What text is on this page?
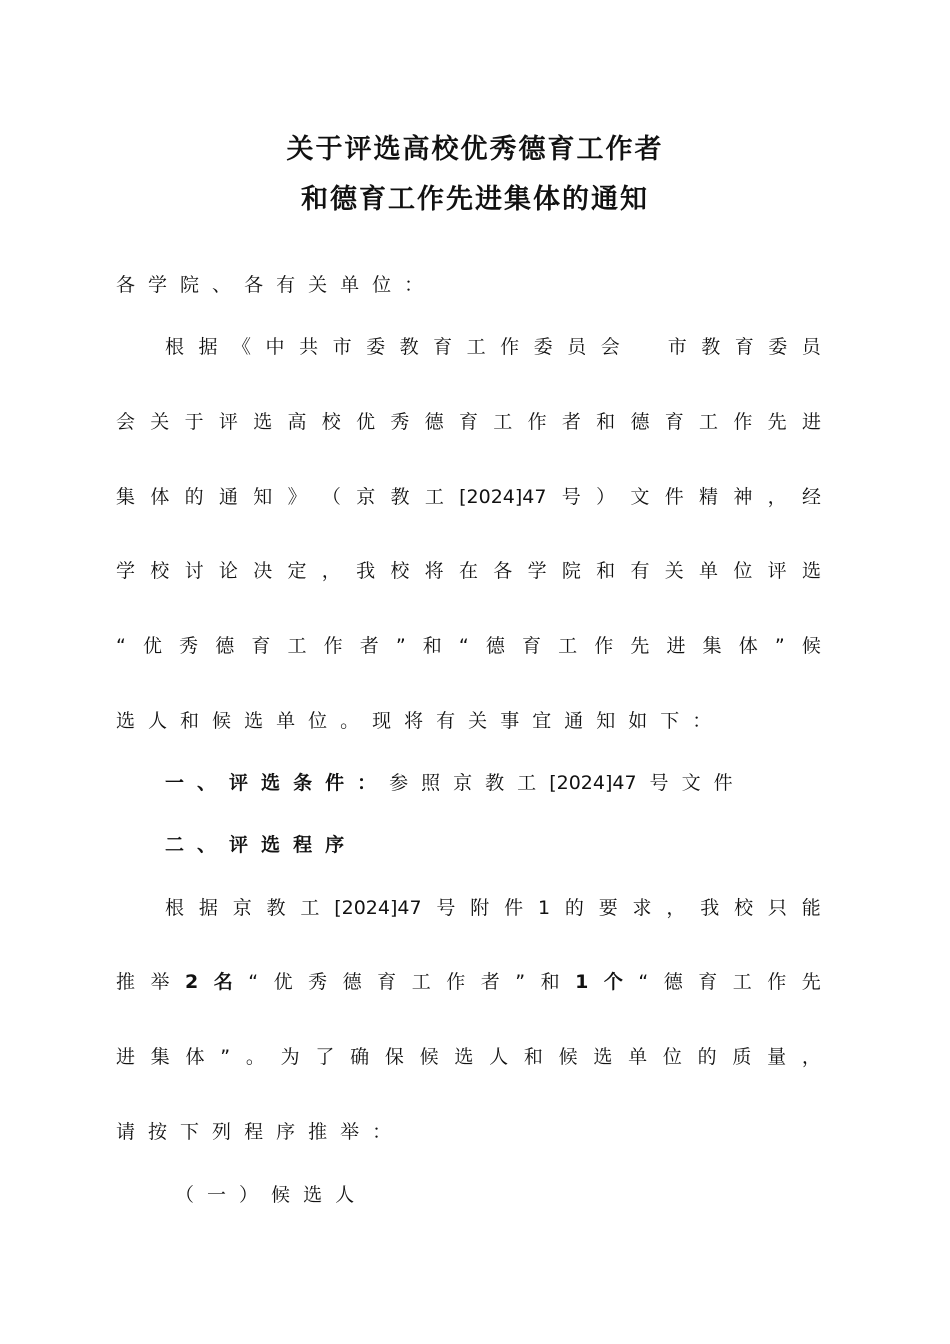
关于评选高校优秀德育工作者
和德育工作先进集体的通知
各 学 院 、 各 有 关 单 位 ：
根 据 《 中 共 市 委 教 育 工 作 委 员 会
　	市 教 育 委 员
会 关 于 评 选 高 校 优 秀 德 育 工 作 者 和 德 育 工 作 先 进
集 体 的 通 知 》 （ 京 教 工 [2024]47 号 ） 文 件 精 神 ， 经
学 校 讨 论 决 定 ， 我 校 将 在 各 学 院 和 有 关 单 位 评 选
“ 优 秀 德 育 工 作 者 ” 和 “ 德 育 工 作 先 进 集 体 ” 候
选 人 和 候 选 单 位 。 现 将 有 关 事 宜 通 知 如 下 ：
一 、 评 选 条 件 ： 参 照 京 教 工 [2024]47 号 文 件
二 、 评 选 程 序
根 据 京 教 工 [2024]47 号 附 件 1 的 要 求 ， 我 校 只 能
推 举 2 名 “ 优 秀 德 育 工 作 者 ” 和 1 个 “ 德 育 工 作 先
进 集 体 ” 。 为 了 确 保 候 选 人 和 候 选 单 位 的 质 量 ，
请 按 下 列 程 序 推 举 ：
（ 一 ） 候 选 人
